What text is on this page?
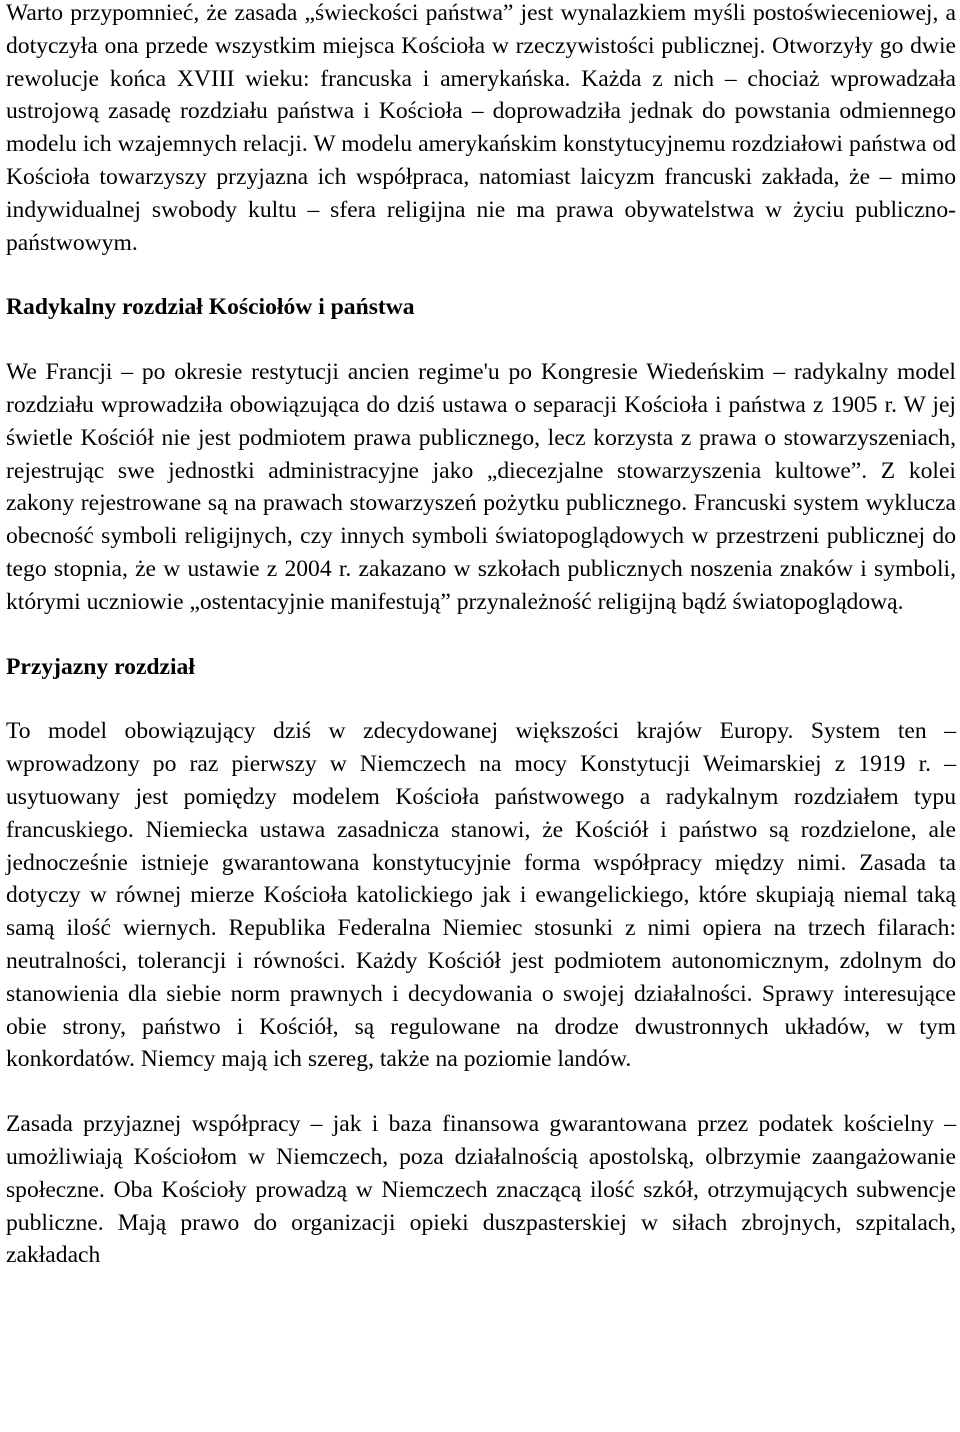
Warto przypomnieć, że zasada „świeckości państwa” jest wynalazkiem myśli postoświeceniowej, a dotyczyła ona przede wszystkim miejsca Kościoła w rzeczywistości publicznej. Otworzyły go dwie rewolucje końca XVIII wieku: francuska i amerykańska. Każda z nich – chociaż wprowadzała ustrojową zasadę rozdziału państwa i Kościoła – doprowadziła jednak do powstania odmiennego modelu ich wzajemnych relacji. W modelu amerykańskim konstytucyjnemu rozdziałowi państwa od Kościoła towarzyszy przyjazna ich współpraca, natomiast laicyzm francuski zakłada, że – mimo indywidualnej swobody kultu – sfera religijna nie ma prawa obywatelstwa w życiu publiczno-państwowym.

Radykalny rozdział Kościołów i państwa

We Francji – po okresie restytucji ancien regime'u po Kongresie Wiedeńskim – radykalny model rozdziału wprowadziła obowiązująca do dziś ustawa o separacji Kościoła i państwa z 1905 r. W jej świetle Kościół nie jest podmiotem prawa publicznego, lecz korzysta z prawa o stowarzyszeniach, rejestrując swe jednostki administracyjne jako „diecezjalne stowarzyszenia kultowe”. Z kolei zakony rejestrowane są na prawach stowarzyszeń pożytku publicznego. Francuski system wyklucza obecność symboli religijnych, czy innych symboli światopoglądowych w przestrzeni publicznej do tego stopnia, że w ustawie z 2004 r. zakazano w szkołach publicznych noszenia znaków i symboli, którymi uczniowie „ostentacyjnie manifestują” przynależność religijną bądź światopoglądową.

Przyjazny rozdział

To model obowiązujący dziś w zdecydowanej większości krajów Europy. System ten – wprowadzony po raz pierwszy w Niemczech na mocy Konstytucji Weimarskiej z 1919 r. – usytuowany jest pomiędzy modelem Kościoła państwowego a radykalnym rozdziałem typu francuskiego. Niemiecka ustawa zasadnicza stanowi, że Kościół i państwo są rozdzielone, ale jednocześnie istnieje gwarantowana konstytucyjnie forma współpracy między nimi. Zasada ta dotyczy w równej mierze Kościoła katolickiego jak i ewangelickiego, które skupiają niemal taką samą ilość wiernych. Republika Federalna Niemiec stosunki z nimi opiera na trzech filarach: neutralności, tolerancji i równości. Każdy Kościół jest podmiotem autonomicznym, zdolnym do stanowienia dla siebie norm prawnych i decydowania o swojej działalności. Sprawy interesujące obie strony, państwo i Kościół, są regulowane na drodze dwustronnych układów, w tym konkordatów. Niemcy mają ich szereg, także na poziomie landów.

Zasada przyjaznej współpracy – jak i baza finansowa gwarantowana przez podatek kościelny – umożliwiają Kościołom w Niemczech, poza działalnością apostolską, olbrzymie zaangażowanie społeczne. Oba Kościoły prowadzą w Niemczech znaczącą ilość szkół, otrzymujących subwencje publiczne. Mają prawo do organizacji opieki duszpasterskiej w siłach zbrojnych, szpitalach, zakładach
